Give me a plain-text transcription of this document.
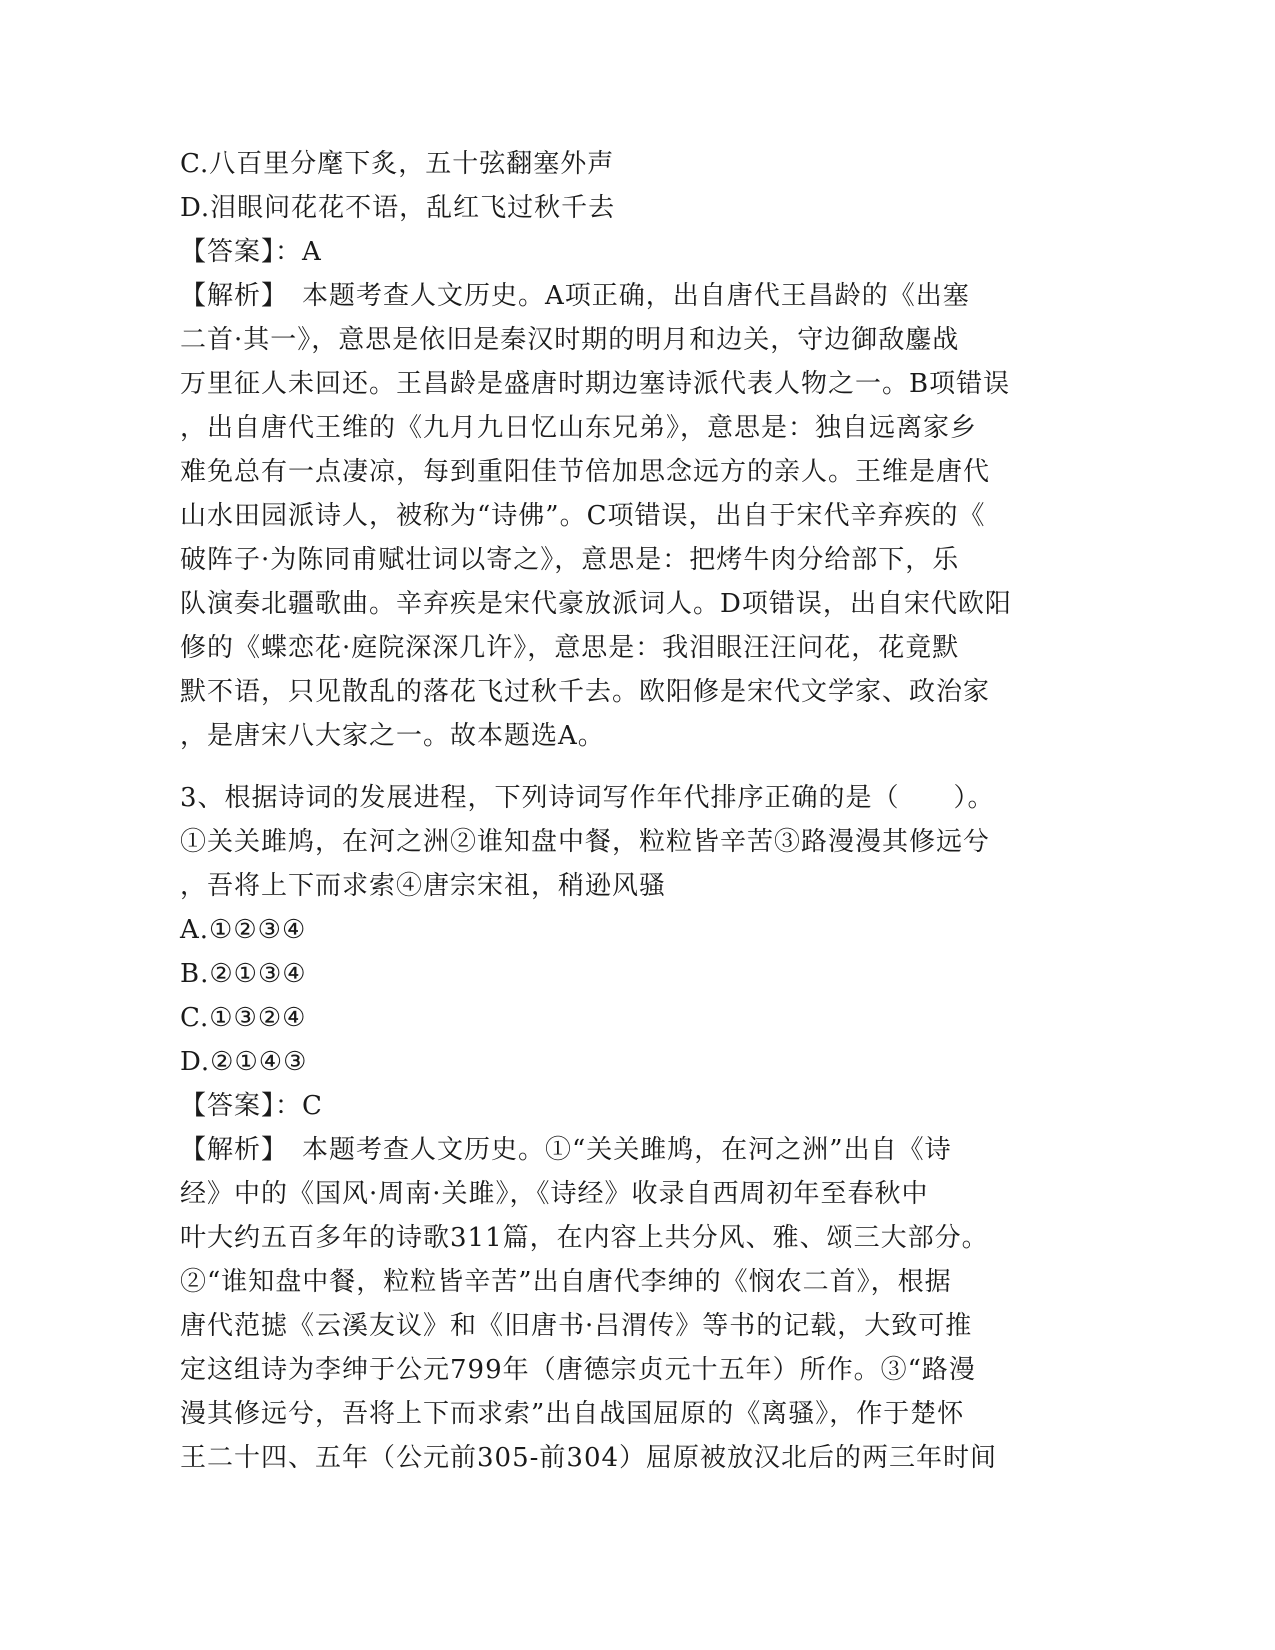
C.八百里分麾下炙，五十弦翻塞外声
D.泪眼问花花不语，乱红飞过秋千去
【答案】：A
【解析】　本题考查人文历史。A项正确，出自唐代王昌龄的《出塞
二首·其一》，意思是依旧是秦汉时期的明月和边关，守边御敌鏖战
万里征人未回还。王昌龄是盛唐时期边塞诗派代表人物之一。B项错误
，出自唐代王维的《九月九日忆山东兄弟》，意思是：独自远离家乡
难免总有一点凄凉，每到重阳佳节倍加思念远方的亲人。王维是唐代
山水田园派诗人，被称为“诗佛”。C项错误，出自于宋代辛弃疾的《
破阵子·为陈同甫赋壮词以寄之》，意思是：把烤牛肉分给部下，乐
队演奏北疆歌曲。辛弃疾是宋代豪放派词人。D项错误，出自宋代欧阳
修的《蝶恋花·庭院深深几许》，意思是：我泪眼汪汪问花，花竟默
默不语，只见散乱的落花飞过秋千去。欧阳修是宋代文学家、政治家
，是唐宋八大家之一。故本题选A。
3、根据诗词的发展进程，下列诗词写作年代排序正确的是（　　）。
①关关雎鸠，在河之洲②谁知盘中餐，粒粒皆辛苦③路漫漫其修远兮
，吾将上下而求索④唐宗宋祖，稍逊风骚
A.①②③④
B.②①③④
C.①③②④
D.②①④③
【答案】：C
【解析】　本题考查人文历史。①“关关雎鸠，在河之洲”出自《诗
经》中的《国风·周南·关雎》，《诗经》收录自西周初年至春秋中
叶大约五百多年的诗歌311篇，在内容上共分风、雅、颂三大部分。
②“谁知盘中餐，粒粒皆辛苦”出自唐代李绅的《悯农二首》，根据
唐代范摅《云溪友议》和《旧唐书·吕渭传》等书的记载，大致可推
定这组诗为李绅于公元799年（唐德宗贞元十五年）所作。③“路漫
漫其修远兮，吾将上下而求索”出自战国屈原的《离骚》，作于楚怀
王二十四、五年（公元前305-前304）屈原被放汉北后的两三年时间
